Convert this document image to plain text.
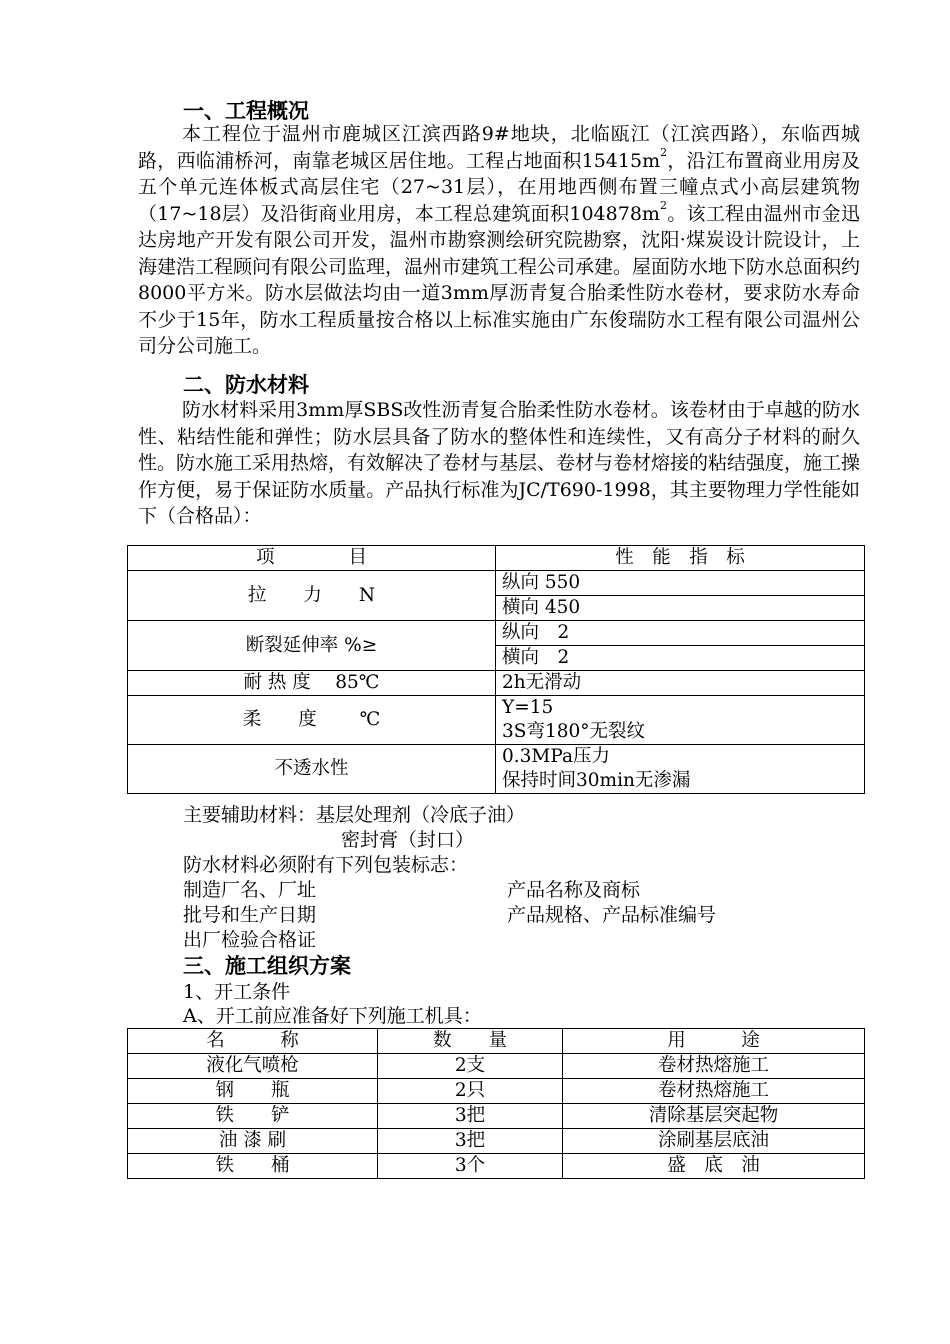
一、工程概况

本工程位于温州市鹿城区江滨西路9#地块，北临瓯江（江滨西路），东临西城路，西临浦桥河，南靠老城区居住地。工程占地面积$15415m^2$，沿江布置商业用房及五个单元连体板式高层住宅（27~31层），在用地西侧布置三幢点式小高层建筑物（17~18层）及沿街商业用房，本工程总建筑面积$104878m^2$。该工程由温州市金迅达房地产开发有限公司开发，温州市勘察测绘研究院勘察，沈阳·煤炭设计院设计，上海建浩工程顾问有限公司监理，温州市建筑工程公司承建。屋面防水地下防水总面积约8000平方米。防水层做法均由一道3mm厚沥青复合胎柔性防水卷材，要求防水寿命不少于15年，防水工程质量按合格以上标准实施由广东俊瑞防水工程有限公司温州公司分公司施工。

二、防水材料

防水材料采用3mm厚SBS改性沥青复合胎柔性防水卷材。该卷材由于卓越的防水性、粘结性能和弹性；防水层具备了防水的整体性和连续性，又有高分子材料的耐久性。防水施工采用热熔，有效解决了卷材与基层、卷材与卷材熔接的粘结强度，施工操作方便，易于保证防水质量。产品执行标准为JC/T690-1998，其主要物理力学性能如下（合格品）：

项　　　　目	性　能　指　标
拉　　力　　N	纵向 550
	横向 450
断裂延伸率 %≥	纵向　2
	横向　2
耐 热 度　 85℃	2h无滑动
柔　　度　　 ℃	Y=15
3S弯180°无裂纹

不透水性	0.3MPa压力
保持时间30min无渗漏
主要辅助材料：基层处理剂（冷底子油）
密封膏（封口）
防水材料必须附有下列包装标志：
制造厂名、厂址	产品名称及商标
批号和生产日期	产品规格、产品标准编号
出厂检验合格证
三、施工组织方案
1、开工条件
A、开工前应准备好下列施工机具：
名　　　称	数　　量	用　　　途
液化气喷枪	2支	卷材热熔施工
钢　　瓶	2只	卷材热熔施工
铁　　铲	3把	清除基层突起物
油 漆 刷	3把	涂刷基层底油
铁　　桶	3个	盛　底　油
